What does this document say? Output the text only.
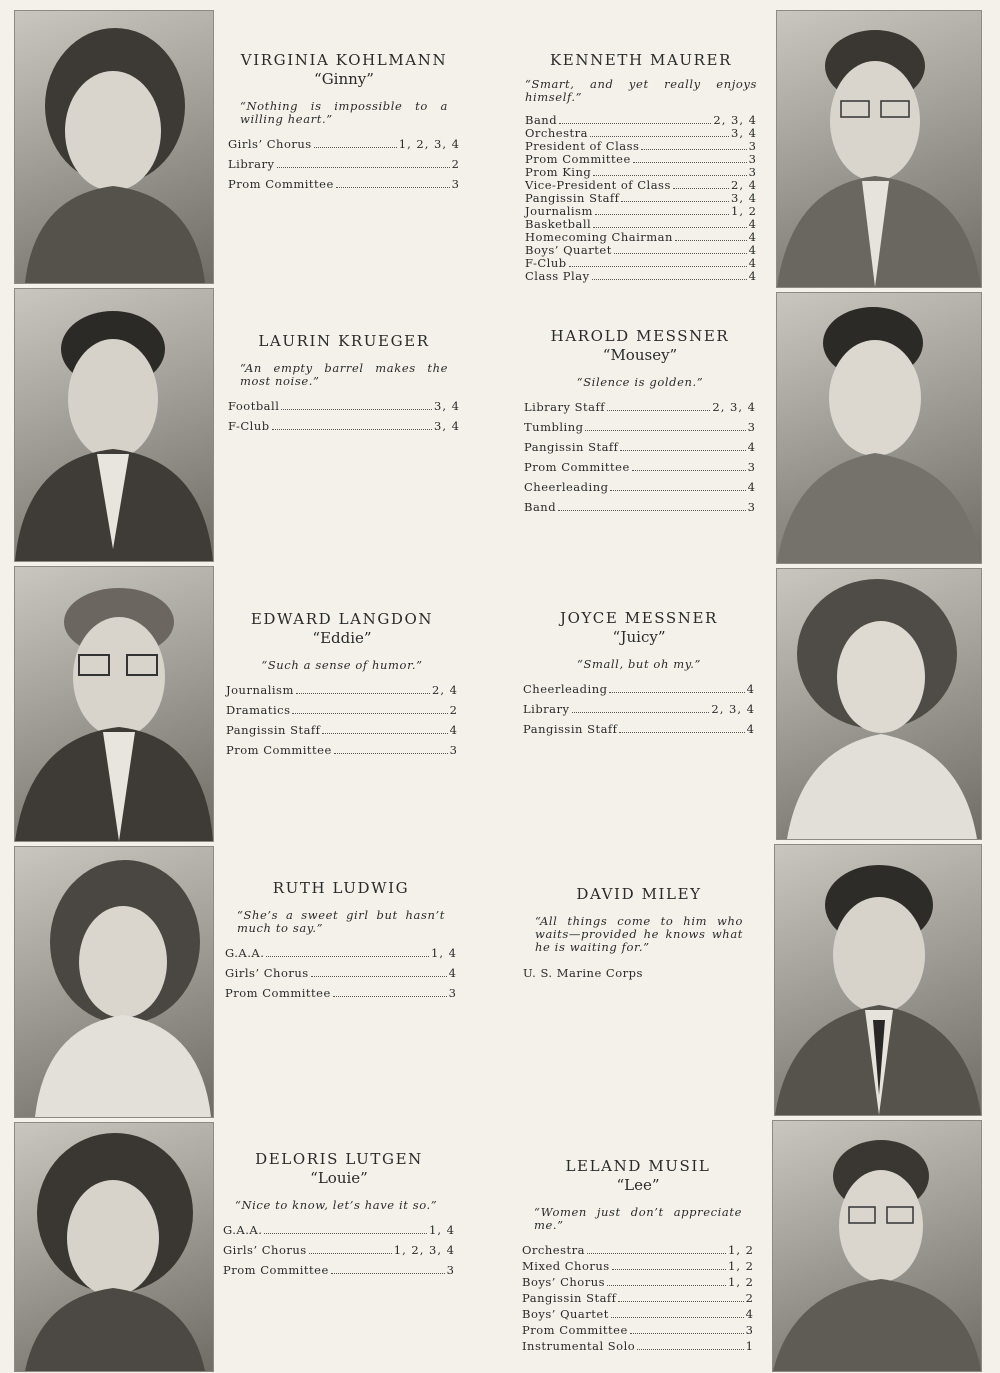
VIRGINIA KOHLMANN

“Ginny”

“Nothing is impossible to a willing heart.”

Girls’ Chorus	1, 2, 3, 4
Library	2
Prom Committee	3
LAURIN KRUEGER

“An empty barrel makes the most noise.”

Football	3, 4
F-Club	3, 4
EDWARD LANGDON

“Eddie”

“Such a sense of humor.”

Journalism	2, 4
Dramatics	2
Pangissin Staff	4
Prom Committee	3
RUTH LUDWIG

“She’s a sweet girl but hasn’t much to say.”

G.A.A.	1, 4
Girls’ Chorus	4
Prom Committee	3
DELORIS LUTGEN

“Louie”

“Nice to know, let’s have it so.”

G.A.A.	1, 4
Girls’ Chorus	1, 2, 3, 4
Prom Committee	3
KENNETH MAURER

“Smart, and yet really enjoys himself.”

Band	2, 3, 4
Orchestra	3, 4
President of Class	3
Prom Committee	3
Prom King	3
Vice-President of Class	2, 4
Pangissin Staff	3, 4
Journalism	1, 2
Basketball	4
Homecoming Chairman	4
Boys’ Quartet	4
F-Club	4
Class Play	4
HAROLD MESSNER

“Mousey”

“Silence is golden.”

Library Staff	2, 3, 4
Tumbling	3
Pangissin Staff	4
Prom Committee	3
Cheerleading	4
Band	3
JOYCE MESSNER

“Juicy”

“Small, but oh my.”

Cheerleading	4
Library	2, 3, 4
Pangissin Staff	4
DAVID MILEY

“All things come to him who waits—provided he knows what he is waiting for.”

U. S. Marine Corps

LELAND MUSIL

“Lee”

“Women just don’t appreciate me.”

Orchestra	1, 2
Mixed Chorus	1, 2
Boys’ Chorus	1, 2
Pangissin Staff	2
Boys’ Quartet	4
Prom Committee	3
Instrumental Solo	1
